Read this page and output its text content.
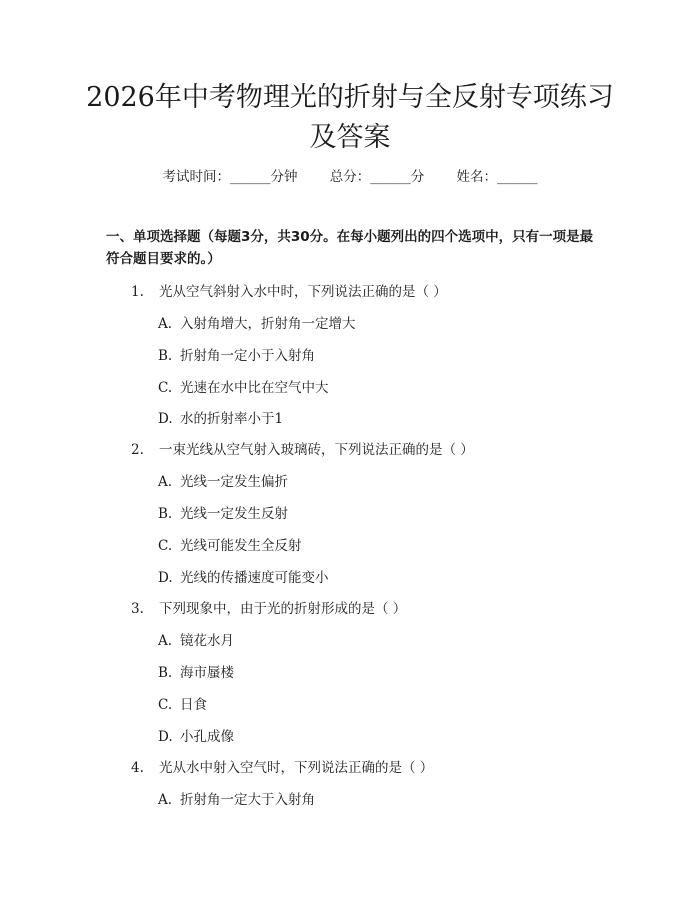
2026年中考物理光的折射与全反射专项练习
及答案
考试时间：______分钟 总分：______分 姓名：______

一、单项选择题（每题3分，共30分。在每小题列出的四个选项中，只有一项是最符合题目要求的。）

1. 光从空气斜射入水中时，下列说法正确的是（ ）
A. 入射角增大，折射角一定增大
B. 折射角一定小于入射角
C. 光速在水中比在空气中大
D. 水的折射率小于1
2. 一束光线从空气射入玻璃砖，下列说法正确的是（ ）
A. 光线一定发生偏折
B. 光线一定发生反射
C. 光线可能发生全反射
D. 光线的传播速度可能变小
3. 下列现象中，由于光的折射形成的是（ ）
A. 镜花水月
B. 海市蜃楼
C. 日食
D. 小孔成像
4. 光从水中射入空气时，下列说法正确的是（ ）
A. 折射角一定大于入射角
